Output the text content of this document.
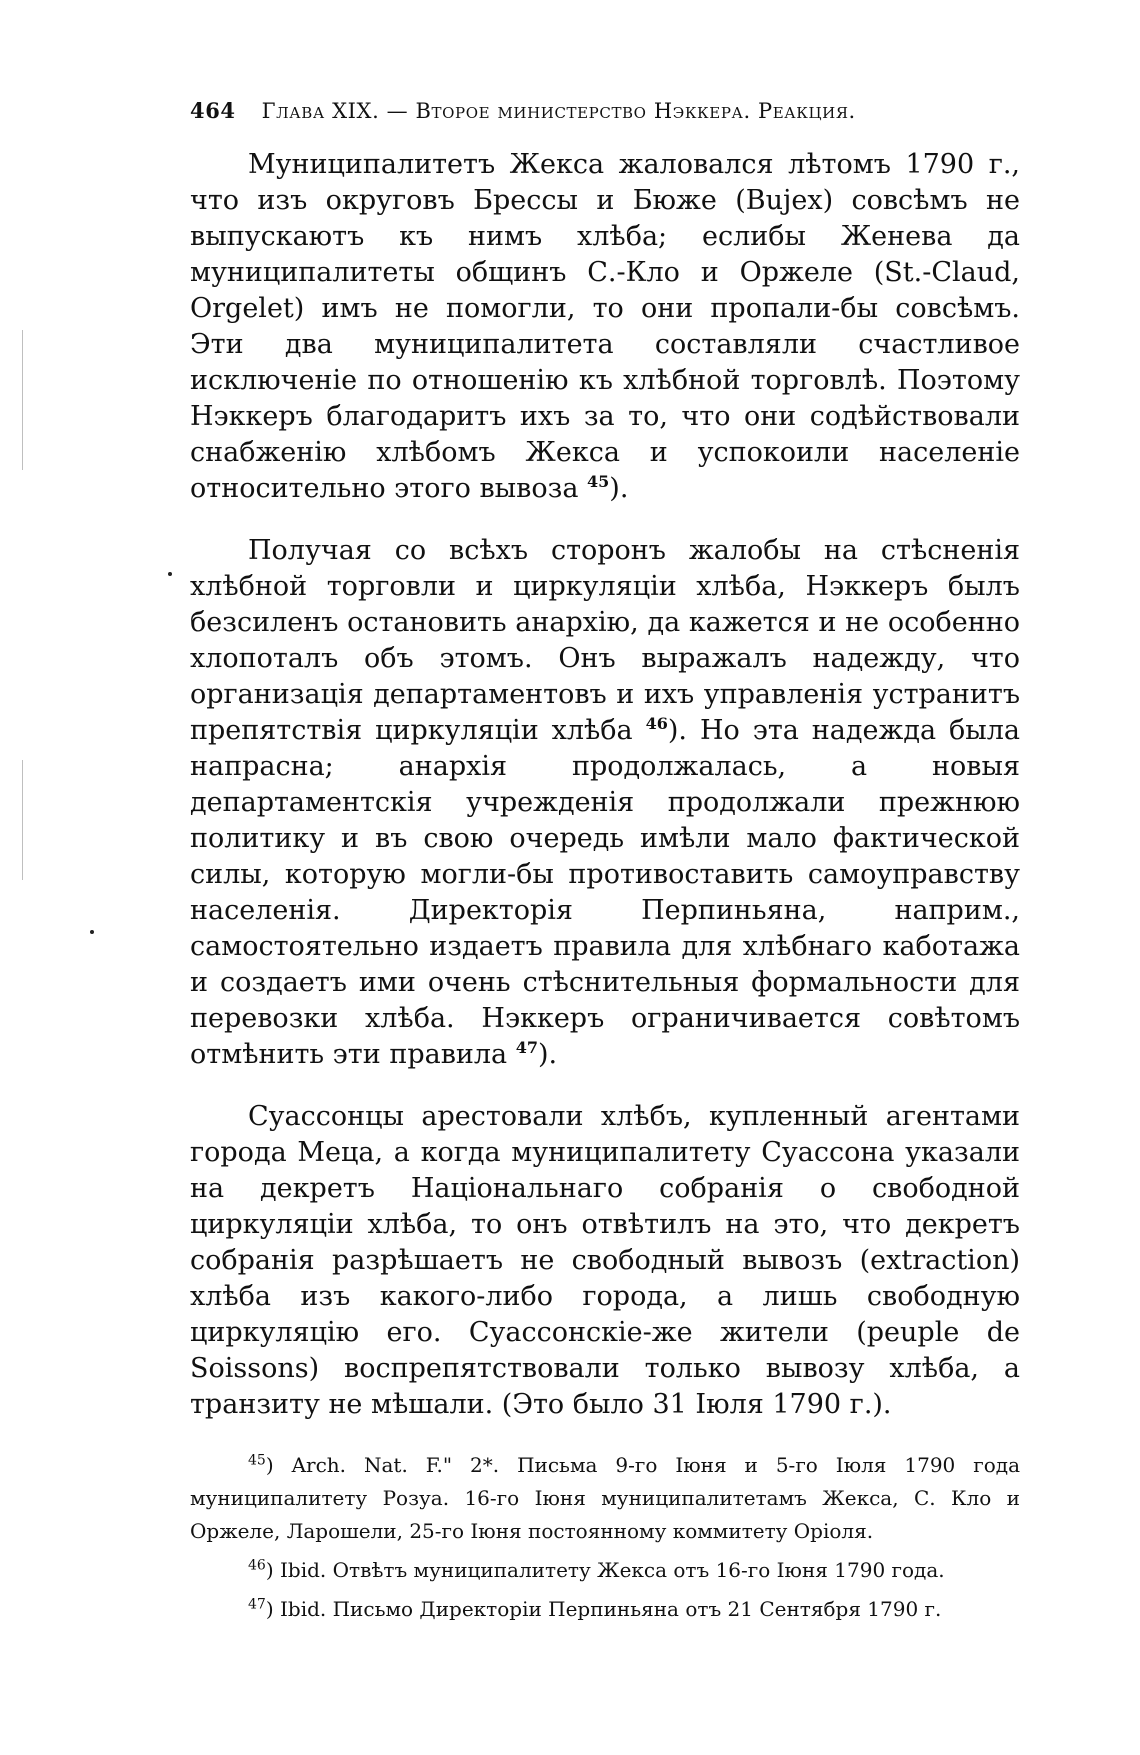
464 Глава XIX. — Второе министерство Нэккера. Реакция.

Муниципалитетъ Жекса жаловался лѣтомъ 1790 г., что изъ округовъ Брессы и Бюже (Bujex) совсѣмъ не выпускаютъ къ нимъ хлѣба; еслибы Женева да муниципалитеты общинъ С.-Кло и Оржеле (St.-Claud, Orgelet) имъ не помогли, то они пропали-бы совсѣмъ. Эти два муниципалитета составляли счастливое исключеніе по отношенію къ хлѣбной торговлѣ. Поэтому Нэккеръ благодаритъ ихъ за то, что они содѣйствовали снабженію хлѣбомъ Жекса и успокоили населеніе относительно этого вывоза $^{45}$).

Получая со всѣхъ сторонъ жалобы на стѣсненія хлѣбной торговли и циркуляціи хлѣба, Нэккеръ былъ безсиленъ остановить анархію, да кажется и не особенно хлопоталъ объ этомъ. Онъ выражалъ надежду, что организація департаментовъ и ихъ управленія устранитъ препятствія циркуляціи хлѣба $^{46}$). Но эта надежда была напрасна; анархія продолжалась, а новыя департаментскія учрежденія продолжали прежнюю политику и въ свою очередь имѣли мало фактической силы, которую могли-бы противоставить самоуправству населенія. Директорія Перпиньяна, наприм., самостоятельно издаетъ правила для хлѣбнаго каботажа и создаетъ ими очень стѣснительныя формальности для перевозки хлѣба. Нэккеръ ограничивается совѣтомъ отмѣнить эти правила $^{47}$).

Суассонцы арестовали хлѣбъ, купленный агентами города Меца, а когда муниципалитету Суассона указали на декретъ Національнаго собранія о свободной циркуляціи хлѣба, то онъ отвѣтилъ на это, что декретъ собранія разрѣшаетъ не свободный вывозъ (extraction) хлѣба изъ какого-либо города, а лишь свободную циркуляцію его. Суассонскіе-же жители (peuple de Soissons) воспрепятствовали только вывозу хлѣба, а транзиту не мѣшали. (Это было 31 Іюля 1790 г.).

$^{45}$) Arch. Nat. F." 2*. Письма 9-го Іюня и 5-го Іюля 1790 года муниципалитету Розуа. 16-го Іюня муниципалитетамъ Жекса, С. Кло и Оржеле, Ларошели, 25-го Іюня постоянному коммитету Оріоля.

$^{46}$) Ibid. Отвѣтъ муниципалитету Жекса отъ 16-го Іюня 1790 года.

$^{47}$) Ibid. Письмо Директоріи Перпиньяна отъ 21 Сентября 1790 г.
